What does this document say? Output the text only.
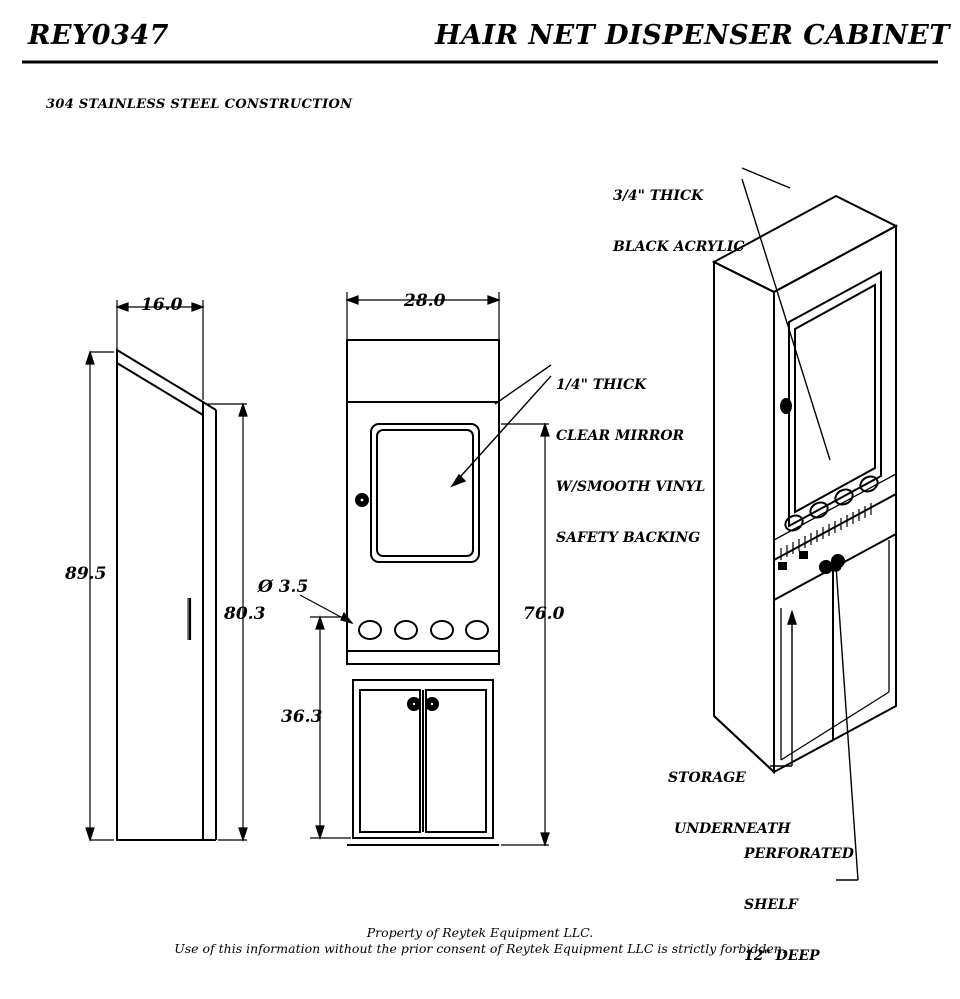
REY0347	HAIR NET DISPENSER CABINET
304 STAINLESS STEEL CONSTRUCTION

3/4" THICK

BLACK ACRYLIC

1/4" THICK

CLEAR MIRROR

W/SMOOTH VINYL

SAFETY BACKING

STORAGE

UNDERNEATH

PERFORATED

SHELF

12" DEEP

16.0	28.0
89.5
80.3
Ø 3.5
76.0
36.3
Property of Reytek Equipment LLC.
Use of this information without the prior consent of Reytek Equipment LLC is strictly forbidden.
